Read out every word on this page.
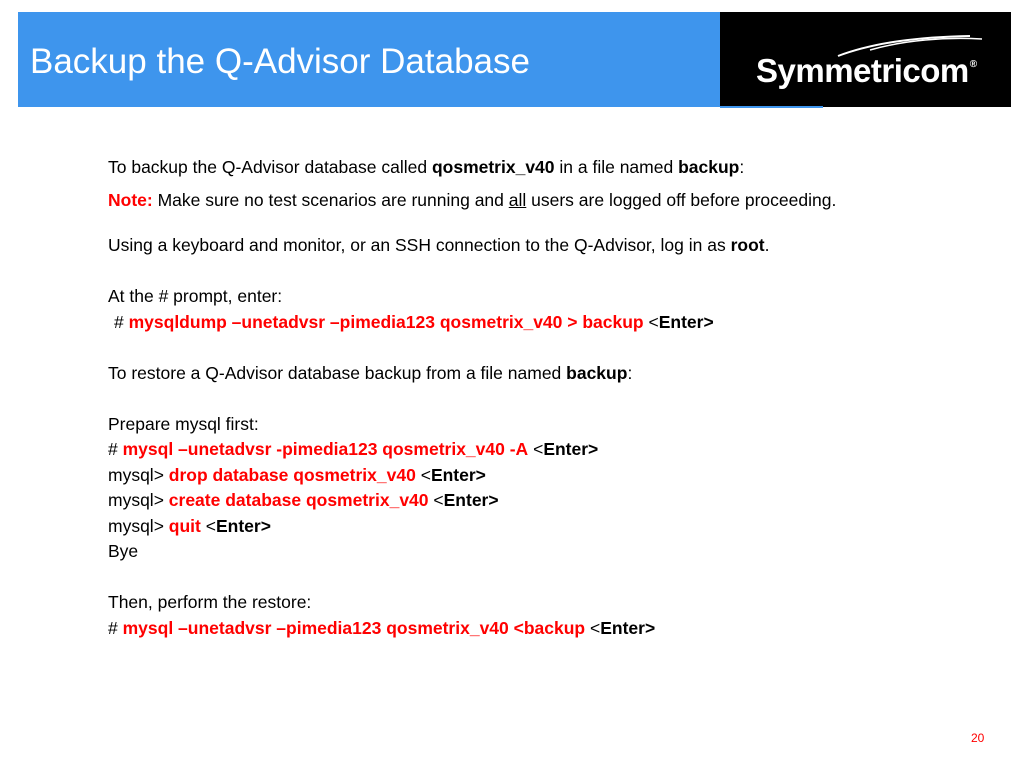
Backup the Q-Advisor Database	Symmetricom®

To backup the Q-Advisor database called qosmetrix_v40 in a file named backup:

Note: Make sure no test scenarios are running and all users are logged off before proceeding.

Using a keyboard and monitor, or an SSH connection to the Q-Advisor, log in as root.

At the # prompt, enter:

# mysqldump –unetadvsr –pimedia123 qosmetrix_v40 > backup <Enter>

To restore a Q-Advisor database backup from a file named backup:

Prepare mysql first:

# mysql –unetadvsr -pimedia123 qosmetrix_v40 -A <Enter>

mysql> drop database qosmetrix_v40 <Enter>

mysql> create database qosmetrix_v40 <Enter>

mysql> quit <Enter>

Bye

Then, perform the restore:

# mysql –unetadvsr –pimedia123 qosmetrix_v40 <backup <Enter>

20
